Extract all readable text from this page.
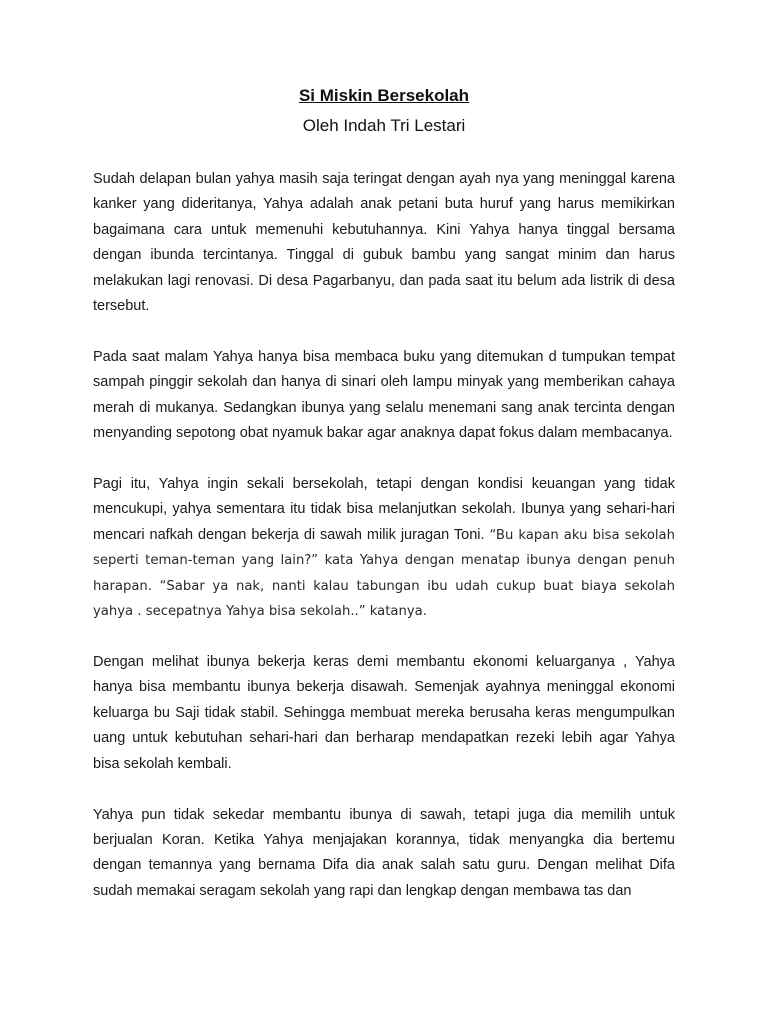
Si Miskin Bersekolah
Oleh Indah Tri Lestari

Sudah delapan bulan yahya masih saja teringat dengan ayah nya yang meninggal karena kanker yang dideritanya, Yahya adalah anak petani buta huruf yang harus memikirkan bagaimana cara untuk memenuhi kebutuhannya. Kini Yahya hanya tinggal bersama dengan ibunda tercintanya. Tinggal di gubuk bambu yang sangat minim dan harus melakukan lagi renovasi. Di desa Pagarbanyu, dan pada saat itu belum ada listrik di desa tersebut.

Pada saat malam Yahya hanya bisa membaca buku yang ditemukan d tumpukan tempat sampah pinggir sekolah dan hanya di sinari oleh lampu minyak yang memberikan cahaya merah di mukanya. Sedangkan ibunya yang selalu menemani sang anak tercinta dengan menyanding sepotong obat nyamuk bakar agar anaknya dapat fokus dalam membacanya.

Pagi itu, Yahya ingin sekali bersekolah, tetapi dengan kondisi keuangan yang tidak mencukupi, yahya sementara itu tidak bisa melanjutkan sekolah. Ibunya yang sehari-hari mencari nafkah dengan bekerja di sawah milik juragan Toni. “Bu kapan aku bisa sekolah seperti teman-teman yang lain?” kata Yahya dengan menatap ibunya dengan penuh harapan. “Sabar ya nak, nanti kalau tabungan ibu udah cukup buat biaya sekolah yahya . secepatnya Yahya bisa sekolah..” katanya.

Dengan melihat ibunya bekerja keras demi membantu ekonomi keluarganya , Yahya hanya bisa membantu ibunya bekerja disawah. Semenjak ayahnya meninggal ekonomi keluarga bu Saji tidak stabil. Sehingga membuat mereka berusaha keras mengumpulkan uang untuk kebutuhan sehari-hari dan berharap mendapatkan rezeki lebih agar Yahya bisa sekolah kembali.

Yahya pun tidak sekedar membantu ibunya di sawah, tetapi juga dia memilih untuk berjualan Koran. Ketika Yahya menjajakan korannya, tidak menyangka dia bertemu dengan temannya yang bernama Difa dia anak salah satu guru. Dengan melihat Difa sudah memakai seragam sekolah yang rapi dan lengkap dengan membawa tas dan
